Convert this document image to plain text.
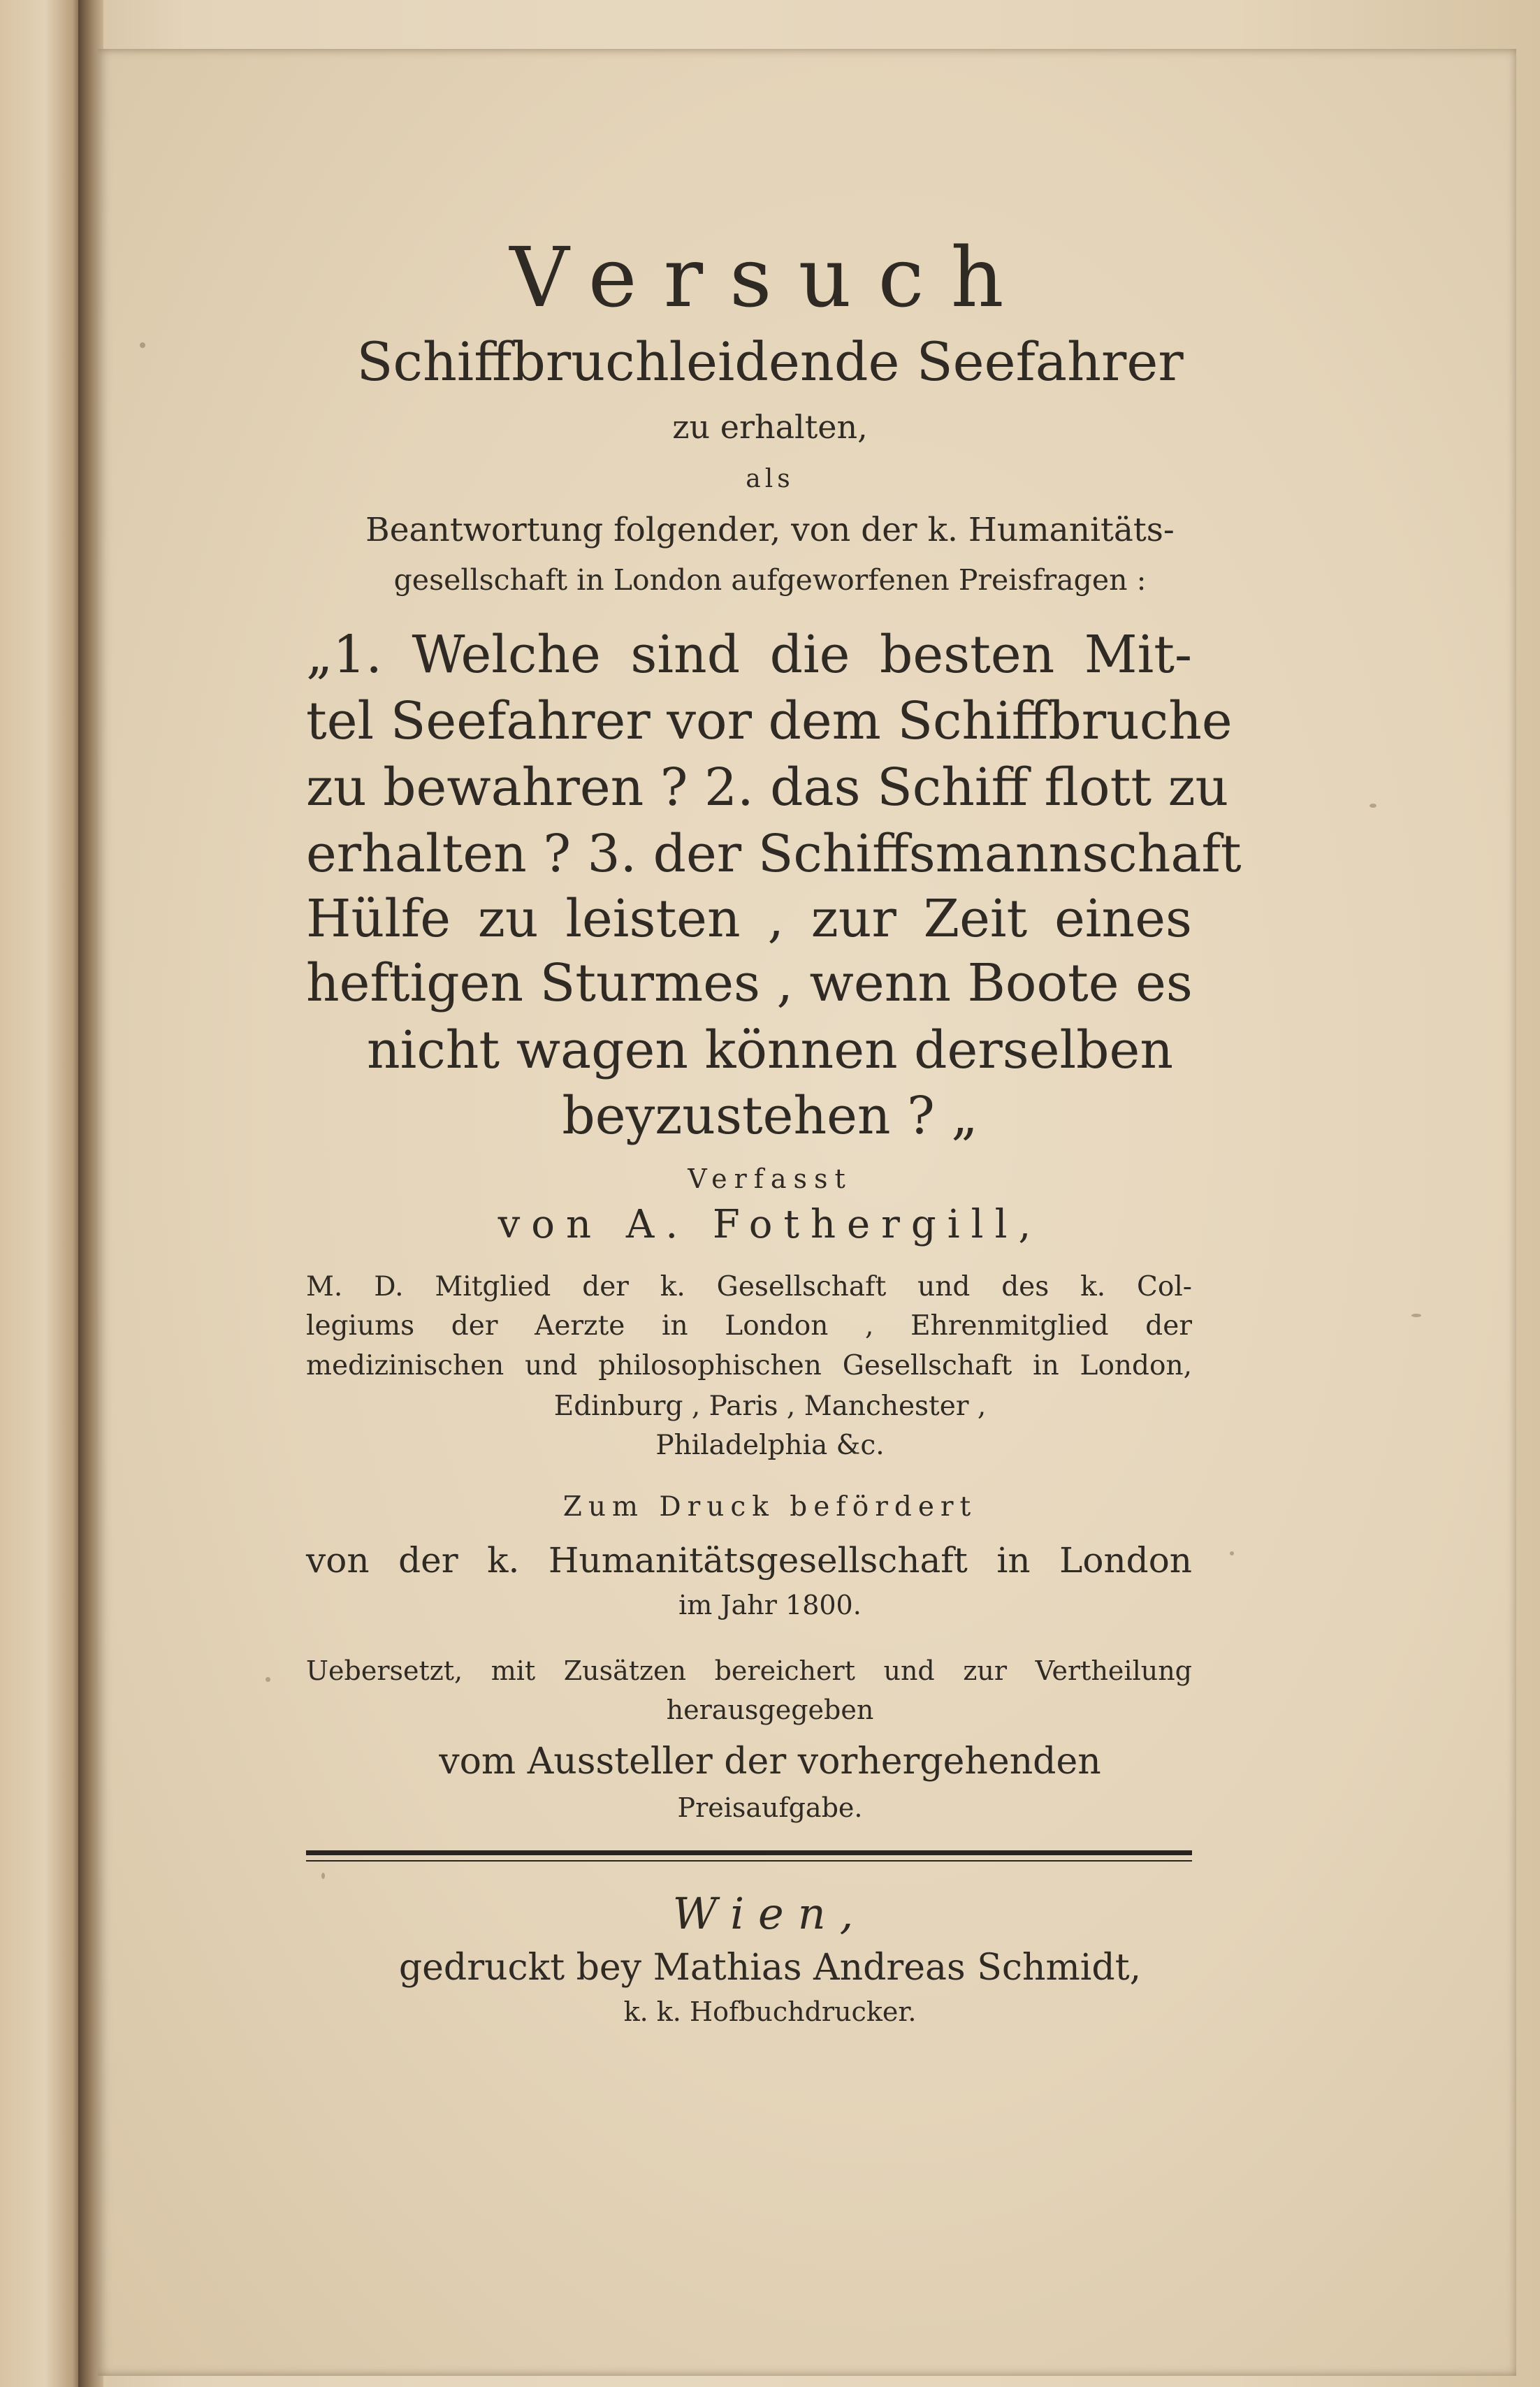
Versuch
Schiffbruchleidende Seefahrer
zu erhalten,
als
Beantwortung folgender, von der k. Humanitäts-
gesellschaft in London aufgeworfenen Preisfragen :
„1. Welche sind die besten Mit-
tel Seefahrer vor dem Schiffbruche
zu bewahren ? 2. das Schiff flott zu
erhalten ? 3. der Schiffsmannschaft
Hülfe zu leisten , zur Zeit eines
heftigen Sturmes , wenn Boote es
nicht wagen können derselben
beyzustehen ? „
Verfasst
von A. Fothergill,
M. D. Mitglied der k. Gesellschaft und des k. Col-
legiums der Aerzte in London , Ehrenmitglied der
medizinischen und philosophischen Gesellschaft in London,
Edinburg , Paris , Manchester ,
Philadelphia &c.
Zum Druck befördert
von der k. Humanitätsgesellschaft in London
im Jahr 1800.
Uebersetzt, mit Zusätzen bereichert und zur Vertheilung
herausgegeben
vom Aussteller der vorhergehenden
Preisaufgabe.
Wien,
gedruckt bey Mathias Andreas Schmidt,
k. k. Hofbuchdrucker.
